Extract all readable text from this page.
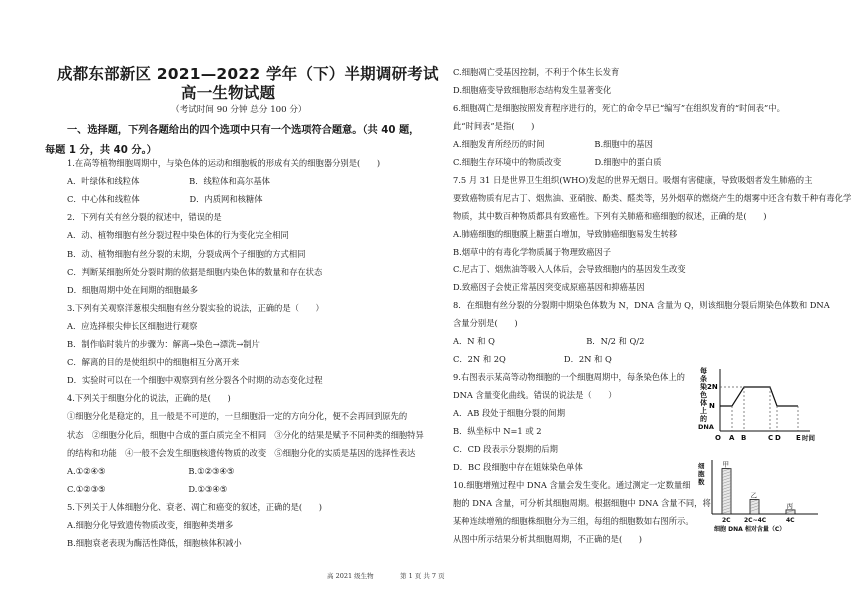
成都东部新区 2021—2022 学年（下）半期调研考试
高一生物试题
（考试时间 90 分钟 总分 100 分）
一、选择题，下列各题给出的四个选项中只有一个选项符合题意。（共 40 题，
每题 1 分，共 40 分。）
1.在高等植物细胞周期中，与染色体的运动和细胞板的形成有关的细胞器分别是(　　)
A．叶绿体和线粒体　　　　　　B．线粒体和高尔基体
C．中心体和线粒体　　　　　　D．内质网和核糖体
2．下列有关有丝分裂的叙述中，错误的是
A．动、植物细胞有丝分裂过程中染色体的行为变化完全相同
B．动、植物细胞有丝分裂的末期，分裂成两个子细胞的方式相同
C．判断某细胞所处分裂时期的依据是细胞内染色体的数量和存在状态
D．细胞周期中处在间期的细胞最多
3.下列有关观察洋葱根尖细胞有丝分裂实验的说法，正确的是（　　）
A．应选择根尖伸长区细胞进行观察
B．制作临时装片的步骤为：解离→染色→漂洗→制片
C．解离的目的是使组织中的细胞相互分离开来
D．实验时可以在一个细胞中观察到有丝分裂各个时期的动态变化过程
4.下列关于细胞分化的说法，正确的是(　　)
①细胞分化是稳定的，且一般是不可逆的，一旦细胞沿一定的方向分化，便不会再回到原先的
状态　②细胞分化后，细胞中合成的蛋白质完全不相同　③分化的结果是赋予不同种类的细胞特异
的结构和功能　④一般不会发生细胞核遗传物质的改变　⑤细胞分化的实质是基因的选择性表达
A.①②④⑤　　　　　　　　　　B.①②③④⑤
C.①②③⑤　　　　　　　　　　D.①③④⑤
5.下列关于人体细胞分化、衰老、凋亡和癌变的叙述，正确的是(　　)
A.细胞分化导致遗传物质改变，细胞种类增多
B.细胞衰老表现为酶活性降低，细胞核体积减小
C.细胞凋亡受基因控制，不利于个体生长发育
D.细胞癌变导致细胞形态结构发生显著变化
6.细胞凋亡是细胞按照发育程序进行的，死亡的命令早已“编写”在组织发育的“时间表”中。
此“时间表”是指(　　)
A.细胞发育所经历的时间　　　　　　B.细胞中的基因
C.细胞生存环境中的物质改变　　　　D.细胞中的蛋白质
7.5 月 31 日是世界卫生组织(WHO)发起的世界无烟日。吸烟有害健康，导致吸烟者发生肺癌的主
要致癌物质有尼古丁、烟焦油、亚硝胺、酚类、醛类等，另外烟草的燃烧产生的烟雾中还含有数千种有毒化学
物质，其中数百种物质都具有致癌性。下列有关肺癌和癌细胞的叙述，正确的是(　　)
A.肺癌细胞的细胞膜上糖蛋白增加，导致肺癌细胞易发生转移
B.烟草中的有毒化学物质属于物理致癌因子
C.尼古丁、烟焦油等吸入人体后，会导致细胞内的基因发生改变
D.致癌因子会使正常基因突变成原癌基因和抑癌基因
8．在细胞有丝分裂的分裂期中期染色体数为 N，DNA 含量为 Q，则该细胞分裂后期染色体数和 DNA
含量分别是(　　)
A．N 和 Q　　　　　　　　　　　B．N/2 和 Q/2
C．2N 和 2Q　　　　　　　D．2N 和 Q
9.右图表示某高等动物细胞的一个细胞周期中，每条染色体上的
DNA 含量变化曲线。错误的说法是（　　）
A．AB 段处于细胞分裂的间期
B．纵坐标中 N=1 或 2
C．CD 段表示分裂期的后期
D．BC 段细胞中存在姐妹染色单体
10.细胞增殖过程中 DNA 含量会发生变化。通过测定一定数量细
胞的 DNA 含量，可分析其细胞周期。根据细胞中 DNA 含量不同，将
某种连续增殖的细胞株细胞分为三组，每组的细胞数如右图所示。
从图中所示结果分析其细胞周期，不正确的是(　　)
每
条
染
色
体
上
的
DNA
2N
N
O A B	C D E 时间
细胞数
甲
2C
乙
2C~4C
丙
4C
细胞 DNA 相对含量（C）
高 2021 级生物	第 1 页 共 7 页
